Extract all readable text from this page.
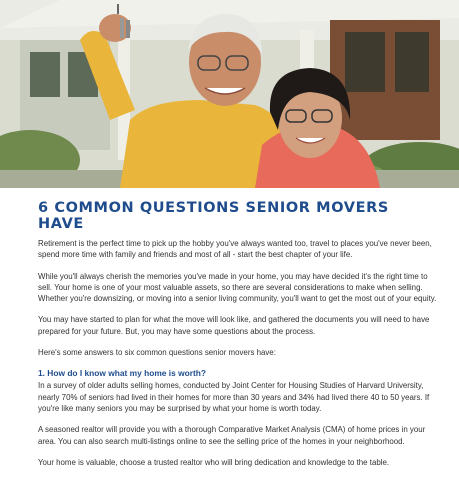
6 COMMON QUESTIONS SENIOR MOVERS HAVE

Retirement is the perfect time to pick up the hobby you've always wanted too, travel to places you've never been, spend more time with family and friends and most of all - start the best chapter of your life.

While you'll always cherish the memories you've made in your home, you may have decided it's the right time to sell. Your home is one of your most valuable assets, so there are several considerations to make when selling. Whether you're downsizing, or moving into a senior living community, you'll want to get the most out of your equity.

You may have started to plan for what the move will look like, and gathered the documents you will need to have prepared for your future. But, you may have some questions about the process.

Here's some answers to six common questions senior movers have:

1. How do I know what my home is worth?

In a survey of older adults selling homes, conducted by Joint Center for Housing Studies of Harvard University, nearly 70% of seniors had lived in their homes for more than 30 years and 34% had lived there 40 to 50 years. If you're like many seniors you may be surprised by what your home is worth today.

A seasoned realtor will provide you with a thorough Comparative Market Analysis (CMA) of home prices in your area. You can also search multi-listings online to see the selling price of the homes in your neighborhood.

Your home is valuable, choose a trusted realtor who will bring dedication and knowledge to the table.
